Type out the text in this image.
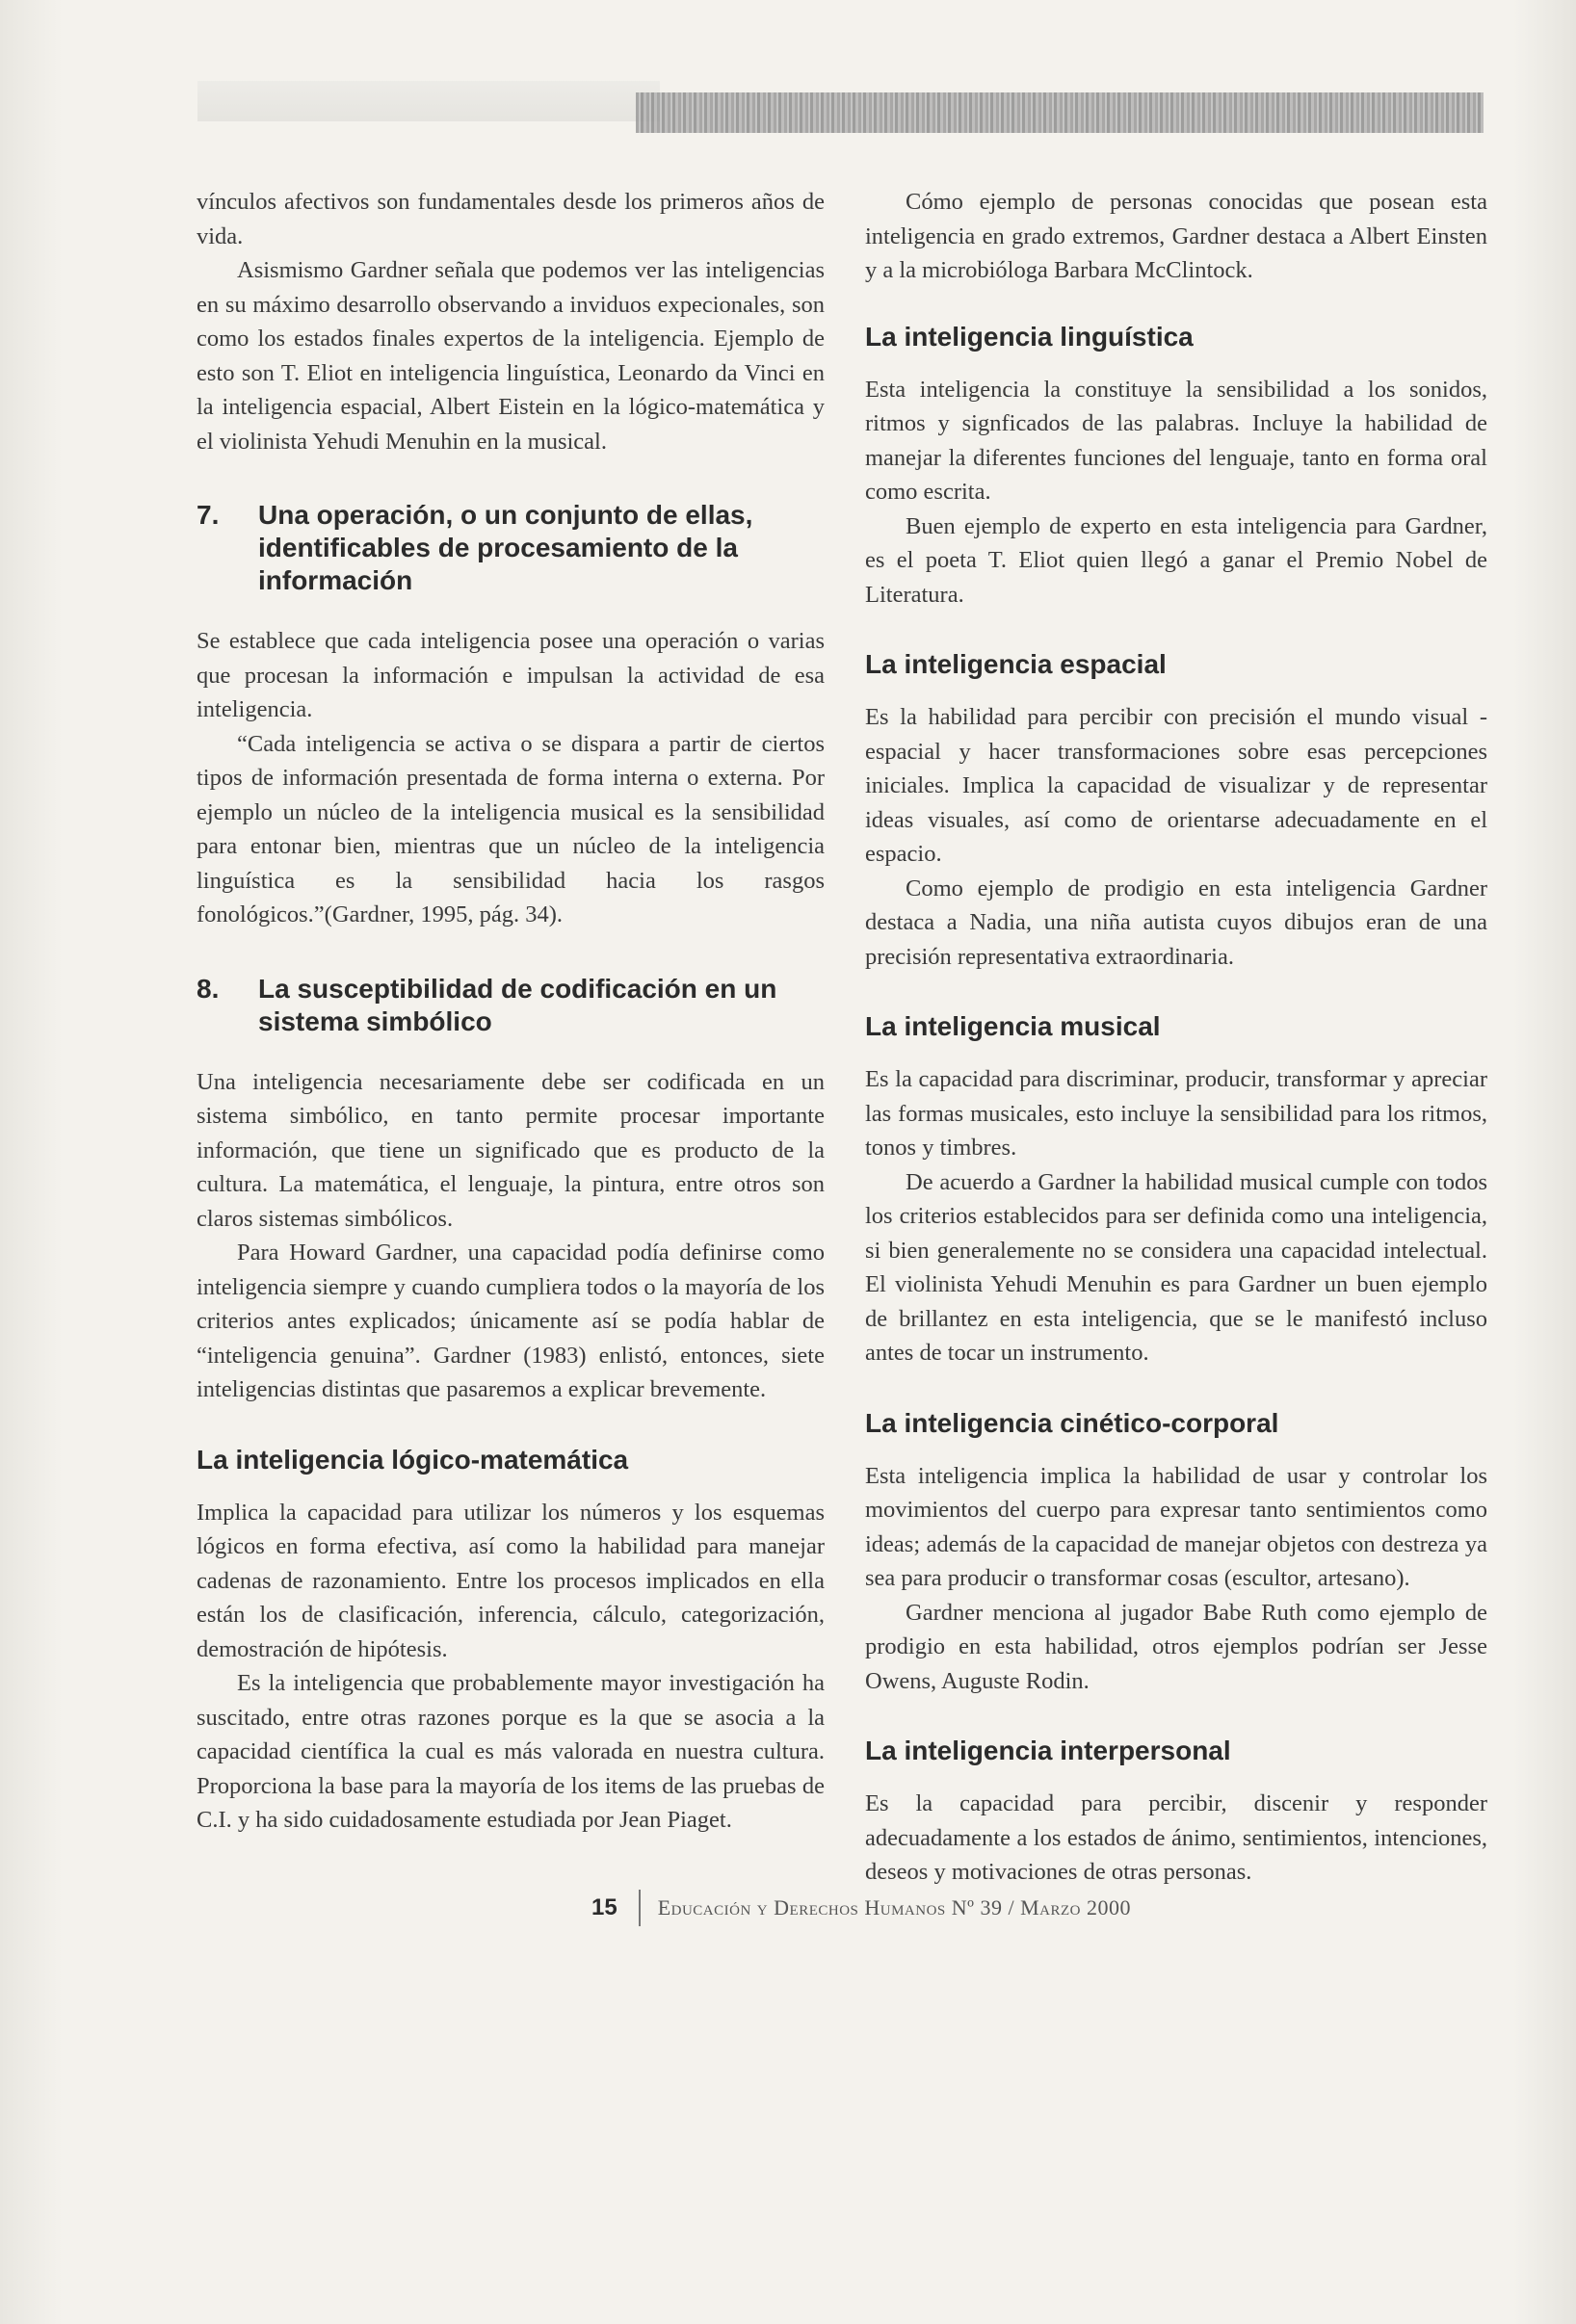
vínculos afectivos son fundamentales desde los primeros años de vida.

Asismismo Gardner señala que podemos ver las inteligencias en su máximo desarrollo observando a inviduos expecionales, son como los estados finales expertos de la inteligencia. Ejemplo de esto son T. Eliot en inteligencia linguística, Leonardo da Vinci en la inteligencia espacial, Albert Eistein en la lógico-matemática y el violinista Yehudi Menuhin en la musical.

7.	Una operación, o un conjunto de ellas, identificables de procesamiento de la información

Se establece que cada inteligencia posee una operación o varias que procesan la información e impulsan la actividad de esa inteligencia.

“Cada inteligencia se activa o se dispara a partir de ciertos tipos de información presentada de forma interna o externa. Por ejemplo un núcleo de la inteligencia musical es la sensibilidad para entonar bien, mientras que un núcleo de la inteligencia linguística es la sensibilidad hacia los rasgos fonológicos.”(Gardner, 1995, pág. 34).

8.	La susceptibilidad de codificación en un sistema simbólico

Una inteligencia necesariamente debe ser codificada en un sistema simbólico, en tanto permite procesar importante información, que tiene un significado que es producto de la cultura. La matemática, el lenguaje, la pintura, entre otros son claros sistemas simbólicos.

Para Howard Gardner, una capacidad podía definirse como inteligencia siempre y cuando cumpliera todos o la mayoría de los criterios antes explicados; únicamente así se podía hablar de “inteligencia genuina”. Gardner (1983) enlistó, entonces, siete inteligencias distintas que pasaremos a explicar brevemente.

La inteligencia lógico-matemática

Implica la capacidad para utilizar los números y los esquemas lógicos en forma efectiva, así como la habilidad para manejar cadenas de razonamiento. Entre los procesos implicados en ella están los de clasificación, inferencia, cálculo, categorización, demostración de hipótesis.

Es la inteligencia que probablemente mayor investigación ha suscitado, entre otras razones porque es la que se asocia a la capacidad científica la cual es más valorada en nuestra cultura. Proporciona la base para la mayoría de los items de las pruebas de C.I. y ha sido cuidadosamente estudiada por Jean Piaget.

Cómo ejemplo de personas conocidas que posean esta inteligencia en grado extremos, Gardner destaca a Albert Einsten y a la microbióloga Barbara McClintock.

La inteligencia linguística

Esta inteligencia la constituye la sensibilidad a los sonidos, ritmos y signficados de las palabras. Incluye la habilidad de manejar la diferentes funciones del lenguaje, tanto en forma oral como escrita.

Buen ejemplo de experto en esta inteligencia para Gardner, es el poeta T. Eliot quien llegó a ganar el Premio Nobel de Literatura.

La inteligencia espacial

Es la habilidad para percibir con precisión el mundo visual - espacial y hacer transformaciones sobre esas percepciones iniciales. Implica la capacidad de visualizar y de representar ideas visuales, así como de orientarse adecuadamente en el espacio.

Como ejemplo de prodigio en esta inteligencia Gardner destaca a Nadia, una niña autista cuyos dibujos eran de una precisión representativa extraordinaria.

La inteligencia musical

Es la capacidad para discriminar, producir, transformar y apreciar las formas musicales, esto incluye la sensibilidad para los ritmos, tonos y timbres.

De acuerdo a Gardner la habilidad musical cumple con todos los criterios establecidos para ser definida como una inteligencia, si bien generalemente no se considera una capacidad intelectual. El violinista Yehudi Menuhin es para Gardner un buen ejemplo de brillantez en esta inteligencia, que se le manifestó incluso antes de tocar un instrumento.

La inteligencia cinético-corporal

Esta inteligencia implica la habilidad de usar y controlar los movimientos del cuerpo para expresar tanto sentimientos como ideas; además de la capacidad de manejar objetos con destreza ya sea para producir o transformar cosas (escultor, artesano).

Gardner menciona al jugador Babe Ruth como ejemplo de prodigio en esta habilidad, otros ejemplos podrían ser Jesse Owens, Auguste Rodin.

La inteligencia interpersonal

Es la capacidad para percibir, discenir y responder adecuadamente a los estados de ánimo, sentimientos, intenciones, deseos y motivaciones de otras personas.

15 Educación y Derechos Humanos Nº 39 / Marzo 2000
